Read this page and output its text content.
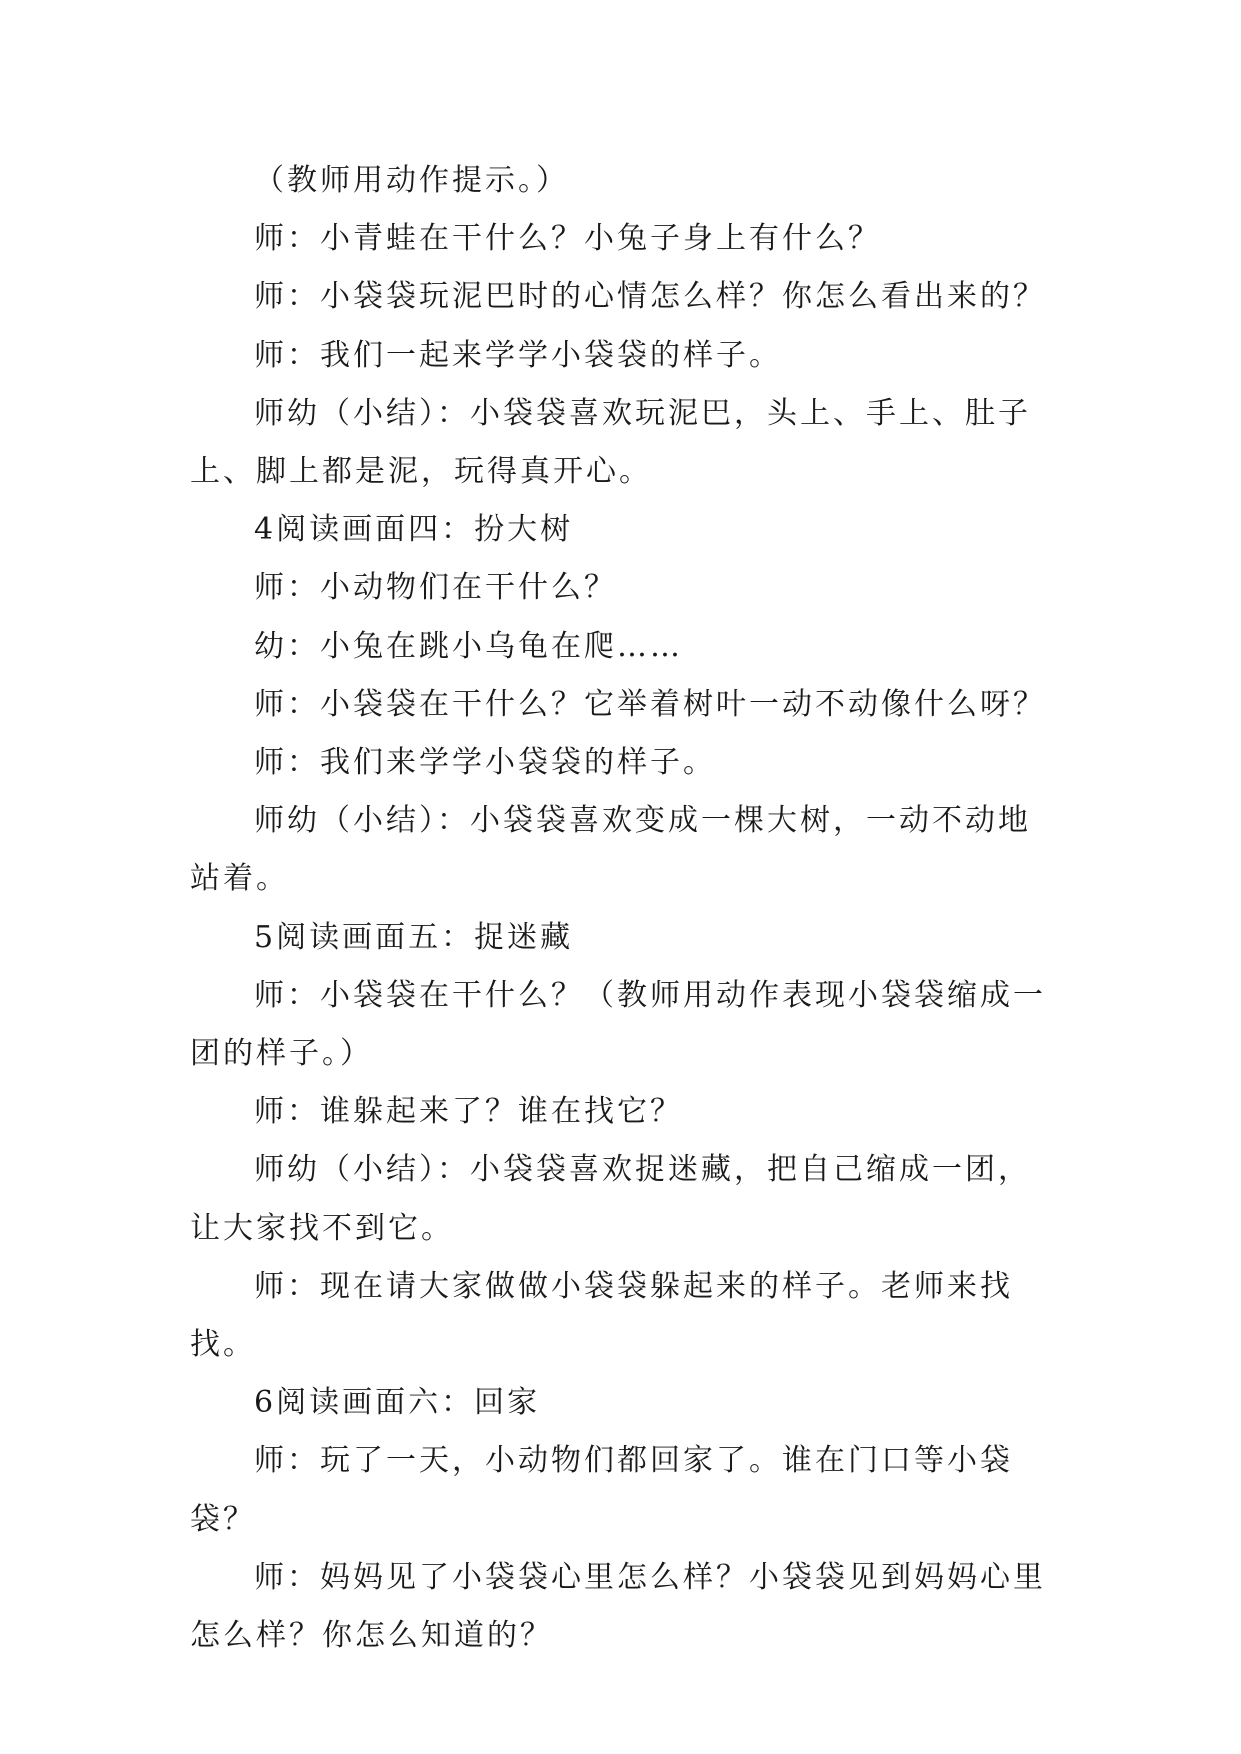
（教师用动作提示。）

师：小青蛙在干什么？小兔子身上有什么？

师：小袋袋玩泥巴时的心情怎么样？你怎么看出来的？

师：我们一起来学学小袋袋的样子。

师幼（小结）：小袋袋喜欢玩泥巴，头上、手上、肚子上、脚上都是泥，玩得真开心。

4阅读画面四：扮大树

师：小动物们在干什么？

幼：小兔在跳小乌龟在爬……

师：小袋袋在干什么？它举着树叶一动不动像什么呀？

师：我们来学学小袋袋的样子。

师幼（小结）：小袋袋喜欢变成一棵大树，一动不动地站着。

5阅读画面五：捉迷藏

师：小袋袋在干什么？（教师用动作表现小袋袋缩成一团的样子。）

师：谁躲起来了？谁在找它？

师幼（小结）：小袋袋喜欢捉迷藏，把自己缩成一团，让大家找不到它。

师：现在请大家做做小袋袋躲起来的样子。老师来找找。

6阅读画面六：回家

师：玩了一天，小动物们都回家了。谁在门口等小袋袋？

师：妈妈见了小袋袋心里怎么样？小袋袋见到妈妈心里怎么样？你怎么知道的？
